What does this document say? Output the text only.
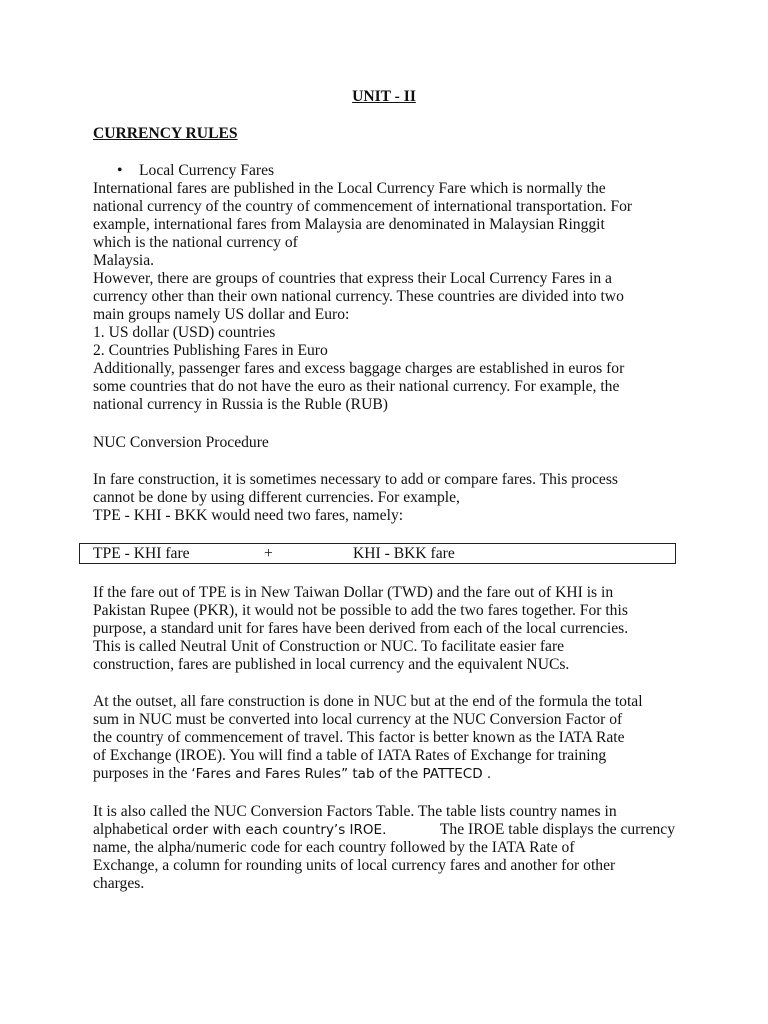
UNIT - II
CURRENCY RULES
• Local Currency Fares

International fares are published in the Local Currency Fare which is normally the

national currency of the country of commencement of international transportation. For

example, international fares from Malaysia are denominated in Malaysian Ringgit

which is the national currency of

Malaysia.

However, there are groups of countries that express their Local Currency Fares in a

currency other than their own national currency. These countries are divided into two

main groups namely US dollar and Euro:

1. US dollar (USD) countries

2. Countries Publishing Fares in Euro

Additionally, passenger fares and excess baggage charges are established in euros for

some countries that do not have the euro as their national currency. For example, the

national currency in Russia is the Ruble (RUB)

NUC Conversion Procedure

In fare construction, it is sometimes necessary to add or compare fares. This process

cannot be done by using different currencies. For example,

TPE - KHI - BKK would need two fares, namely:

TPE - KHI fare	+	KHI - BKK fare

If the fare out of TPE is in New Taiwan Dollar (TWD) and the fare out of KHI is in

Pakistan Rupee (PKR), it would not be possible to add the two fares together. For this

purpose, a standard unit for fares have been derived from each of the local currencies.

This is called Neutral Unit of Construction or NUC. To facilitate easier fare

construction, fares are published in local currency and the equivalent NUCs.

At the outset, all fare construction is done in NUC but at the end of the formula the total

sum in NUC must be converted into local currency at the NUC Conversion Factor of

the country of commencement of travel. This factor is better known as the IATA Rate

of Exchange (IROE). You will find a table of IATA Rates of Exchange for training

purposes in the ‘Fares and Fares Rules” tab of the PATTECD .

It is also called the NUC Conversion Factors Table. The table lists country names in

alphabetical order with each country’s IROE.	The IROE table displays the currency

name, the alpha/numeric code for each country followed by the IATA Rate of

Exchange, a column for rounding units of local currency fares and another for other

charges.
